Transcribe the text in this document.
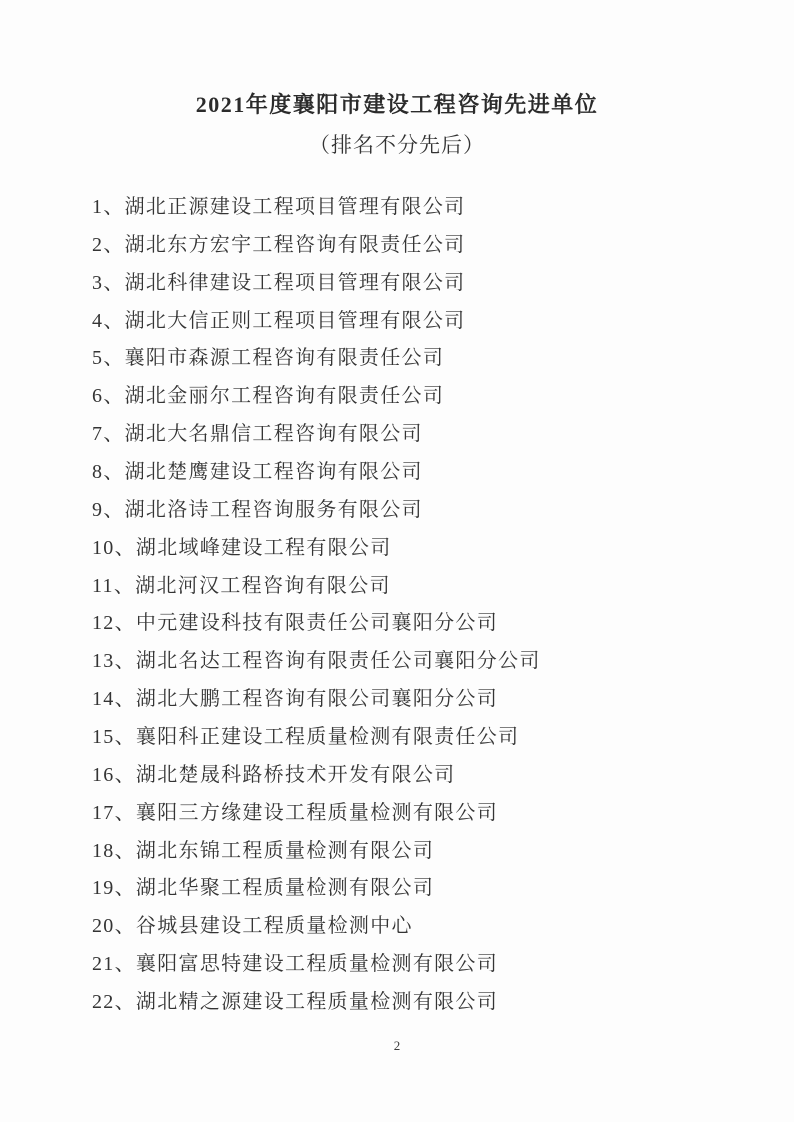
2021年度襄阳市建设工程咨询先进单位
（排名不分先后）
1、湖北正源建设工程项目管理有限公司
2、湖北东方宏宇工程咨询有限责任公司
3、湖北科律建设工程项目管理有限公司
4、湖北大信正则工程项目管理有限公司
5、襄阳市森源工程咨询有限责任公司
6、湖北金丽尔工程咨询有限责任公司
7、湖北大名鼎信工程咨询有限公司
8、湖北楚鹰建设工程咨询有限公司
9、湖北洛诗工程咨询服务有限公司
10、湖北域峰建设工程有限公司
11、湖北河汉工程咨询有限公司
12、中元建设科技有限责任公司襄阳分公司
13、湖北名达工程咨询有限责任公司襄阳分公司
14、湖北大鹏工程咨询有限公司襄阳分公司
15、襄阳科正建设工程质量检测有限责任公司
16、湖北楚晟科路桥技术开发有限公司
17、襄阳三方缘建设工程质量检测有限公司
18、湖北东锦工程质量检测有限公司
19、湖北华聚工程质量检测有限公司
20、谷城县建设工程质量检测中心
21、襄阳富思特建设工程质量检测有限公司
22、湖北精之源建设工程质量检测有限公司
2
